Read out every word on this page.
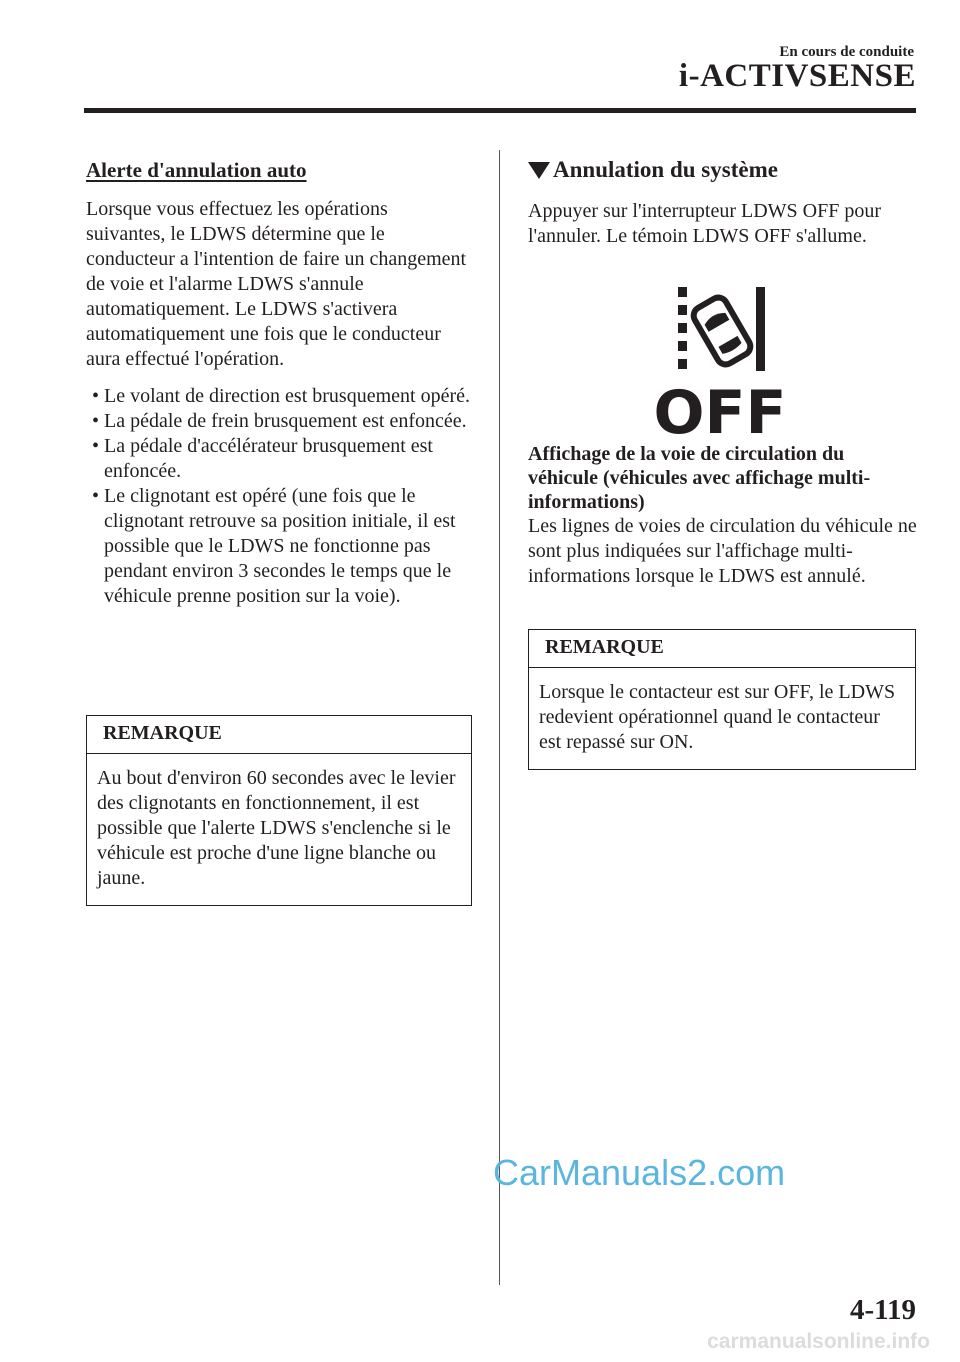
En cours de conduite
i-ACTIVSENSE
Alerte d'annulation auto

Lorsque vous effectuez les opérations suivantes, le LDWS détermine que le conducteur a l'intention de faire un changement de voie et l'alarme LDWS s'annule automatiquement. Le LDWS s'activera automatiquement une fois que le conducteur aura effectué l'opération.

• Le volant de direction est brusquement opéré.
• La pédale de frein brusquement est enfoncée.
• La pédale d'accélérateur brusquement est enfoncée.
• Le clignotant est opéré (une fois que le clignotant retrouve sa position initiale, il est possible que le LDWS ne fonctionne pas pendant environ 3 secondes le temps que le véhicule prenne position sur la voie).
REMARQUE
Au bout d'environ 60 secondes avec le levier des clignotants en fonctionnement, il est possible que l'alerte LDWS s'enclenche si le véhicule est proche d'une ligne blanche ou jaune.
Annulation du système

Appuyer sur l'interrupteur LDWS OFF pour l'annuler. Le témoin LDWS OFF s'allume.

OFF

Affichage de la voie de circulation du véhicule (véhicules avec affichage multi-informations)

Les lignes de voies de circulation du véhicule ne sont plus indiquées sur l'affichage multi-informations lorsque le LDWS est annulé.

REMARQUE
Lorsque le contacteur est sur OFF, le LDWS redevient opérationnel quand le contacteur est repassé sur ON.
CarManuals2.com
4-119
carmanualsonline.info
